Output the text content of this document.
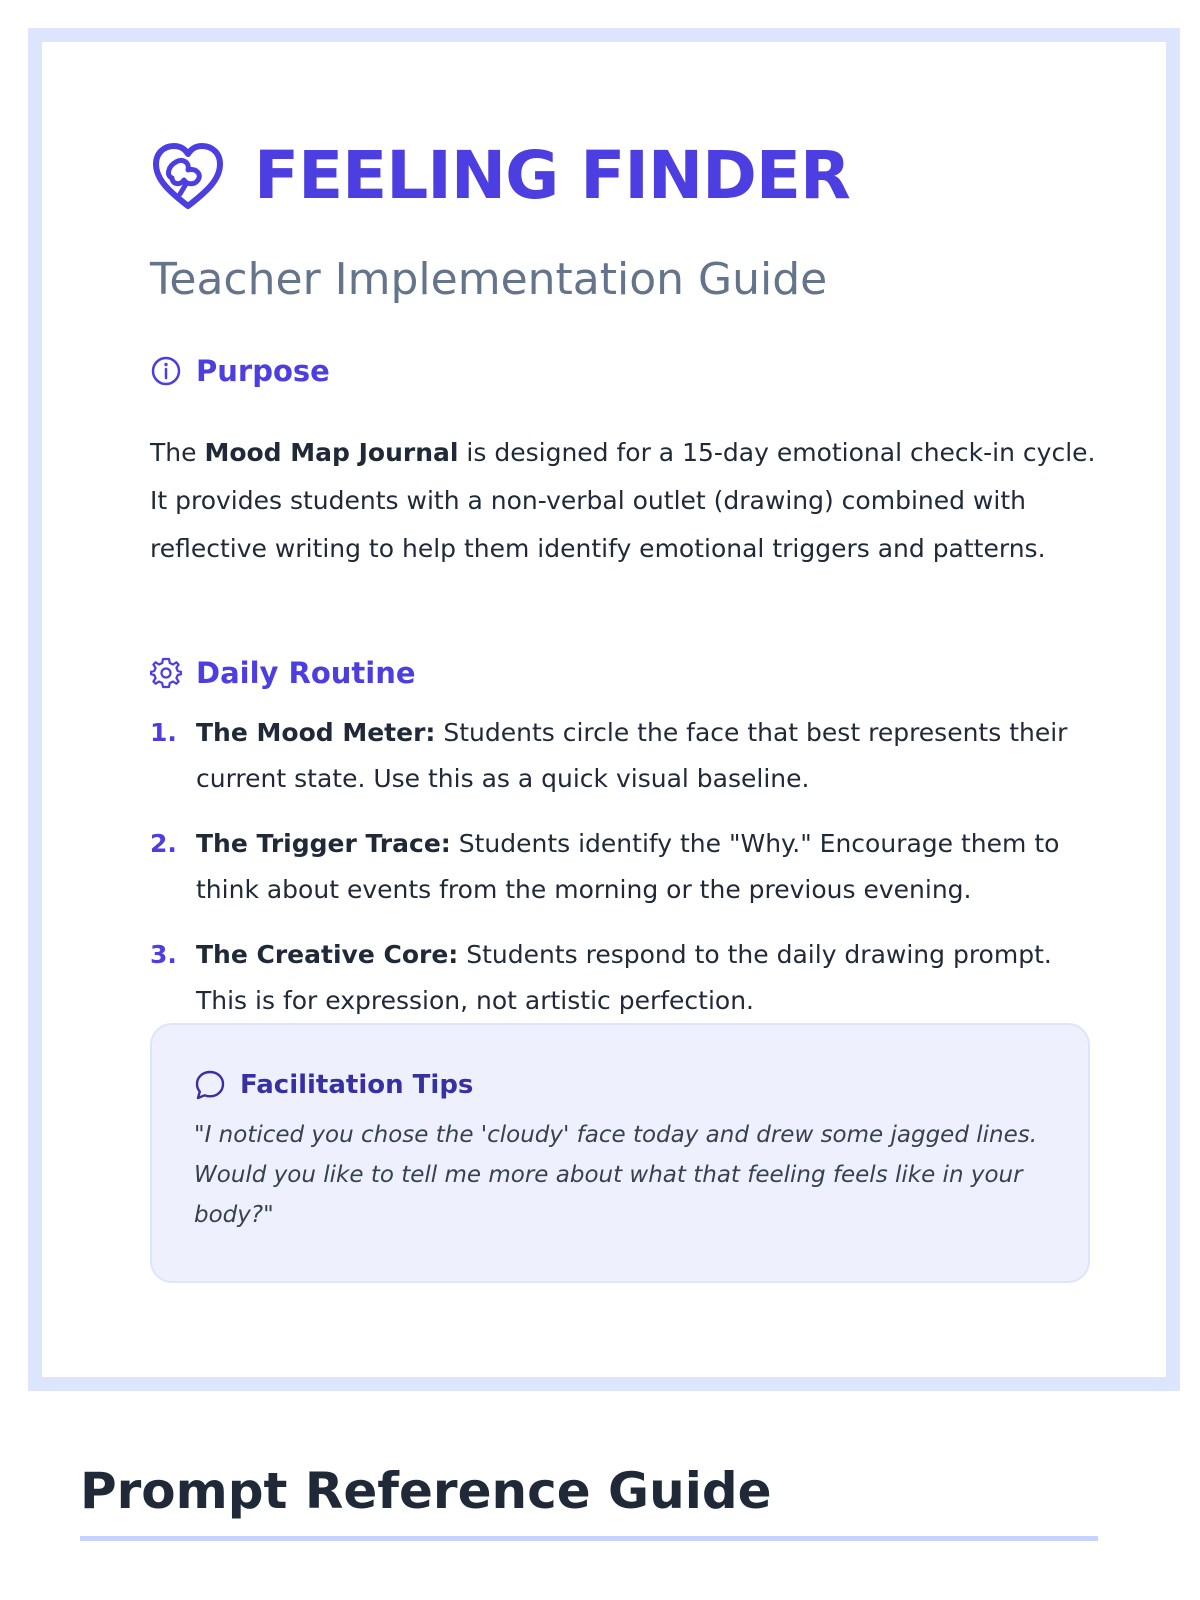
FEELING FINDER
Teacher Implementation Guide
Purpose

The Mood Map Journal is designed for a 15-day emotional check-in cycle. It provides students with a non-verbal outlet (drawing) combined with reflective writing to help them identify emotional triggers and patterns.

Daily Routine
1. The Mood Meter: Students circle the face that best represents their current state. Use this as a quick visual baseline.
2. The Trigger Trace: Students identify the "Why." Encourage them to think about events from the morning or the previous evening.
3. The Creative Core: Students respond to the daily drawing prompt. This is for expression, not artistic perfection.
Facilitation Tips
"I noticed you chose the 'cloudy' face today and drew some jagged lines. Would you like to tell me more about what that feeling feels like in your body?"
Prompt Reference Guide
